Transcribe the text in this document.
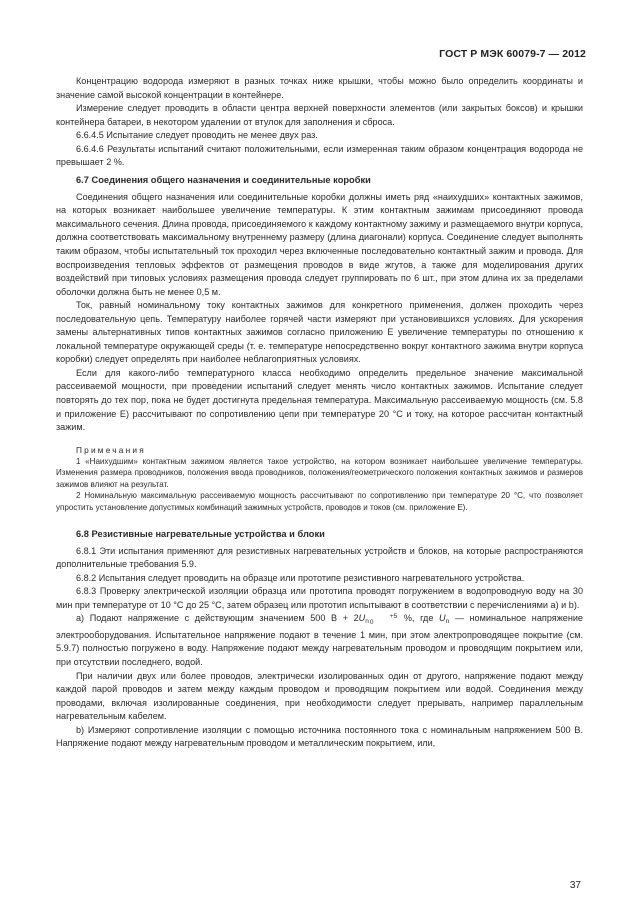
ГОСТ Р МЭК 60079-7 — 2012

Концентрацию водорода измеряют в разных точках ниже крышки, чтобы можно было определить координаты и значение самой высокой концентрации в контейнере.

Измерение следует проводить в области центра верхней поверхности элементов (или закрытых боксов) и крышки контейнера батареи, в некотором удалении от втулок для заполнения и сброса.

6.6.4.5 Испытание следует проводить не менее двух раз.

6.6.4.6 Результаты испытаний считают положительными, если измеренная таким образом концентрация водорода не превышает 2 %.

6.7 Соединения общего назначения и соединительные коробки

Соединения общего назначения или соединительные коробки должны иметь ряд «наихудших» контактных зажимов, на которых возникает наибольшее увеличение температуры. К этим контактным зажимам присоединяют провода максимального сечения. Длина провода, присоединяемого к каждому контактному зажиму и размещаемого внутри корпуса, должна соответствовать максимальному внутреннему размеру (длина диагонали) корпуса. Соединение следует выполнять таким образом, чтобы испытательный ток проходил через включенные последовательно контактный зажим и провода. Для воспроизведения тепловых эффектов от размещения проводов в виде жгутов, а также для моделирования других воздействий при типовых условиях размещения провода следует группировать по 6 шт., при этом длина их за пределами оболочки должна быть не менее 0,5 м.

Ток, равный номинальному току контактных зажимов для конкретного применения, должен проходить через последовательную цепь. Температуру наиболее горячей части измеряют при установившихся условиях. Для ускорения замены альтернативных типов контактных зажимов согласно приложению Е увеличение температуры по отношению к локальной температуре окружающей среды (т. е. температуре непосредственно вокруг контактного зажима внутри корпуса коробки) следует определять при наиболее неблагоприятных условиях.

Если для какого-либо температурного класса необходимо определить предельное значение максимальной рассеиваемой мощности, при проведении испытаний следует менять число контактных зажимов. Испытание следует повторять до тех пор, пока не будет достигнута предельная температура. Максимальную рассеиваемую мощность (см. 5.8 и приложение Е) рассчитывают по сопротивлению цепи при температуре 20 °С и току, на которое рассчитан контактный зажим.

Примечания

1 «Наихудшим» контактным зажимом является такое устройство, на котором возникает наибольшее увеличение температуры. Изменения размера проводников, положения ввода проводников, положения/геометрического положения контактных зажимов и размеров зажимов влияют на результат.

2 Номинальную максимальную рассеиваемую мощность рассчитывают по сопротивлению при температуре 20 °С, что позволяет упростить установление допустимых комбинаций зажимных устройств, проводов и токов (см. приложение Е).

6.8 Резистивные нагревательные устройства и блоки

6.8.1 Эти испытания применяют для резистивных нагревательных устройств и блоков, на которые распространяются дополнительные требования 5.9.

6.8.2 Испытания следует проводить на образце или прототипе резистивного нагревательного устройства.

6.8.3 Проверку электрической изоляции образца или прототипа проводят погружением в водопроводную воду на 30 мин при температуре от 10 °С до 25 °С, затем образец или прототип испытывают в соответствии с перечислениями а) и b).

а) Подают напряжение с действующим значением 500 $В + 2U_n+5$
0	%, где $U_n$ — номинальное напряжение электрооборудования. Испытательное напряжение подают в течение 1 мин, при этом электропроводящее покрытие (см. 5.9.7) полностью погружено в воду. Напряжение подают между нагревательным проводом и проводящим покрытием или, при отсутствии последнего, водой.

При наличии двух или более проводов, электрически изолированных один от другого, напряжение подают между каждой парой проводов и затем между каждым проводом и проводящим покрытием или водой. Соединения между проводами, включая изолированные соединения, при необходимости следует прерывать, например параллельным нагревательным кабелем.

b) Измеряют сопротивление изоляции с помощью источника постоянного тока с номинальным напряжением 500 В. Напряжение подают между нагревательным проводом и металлическим покрытием, или,

37
